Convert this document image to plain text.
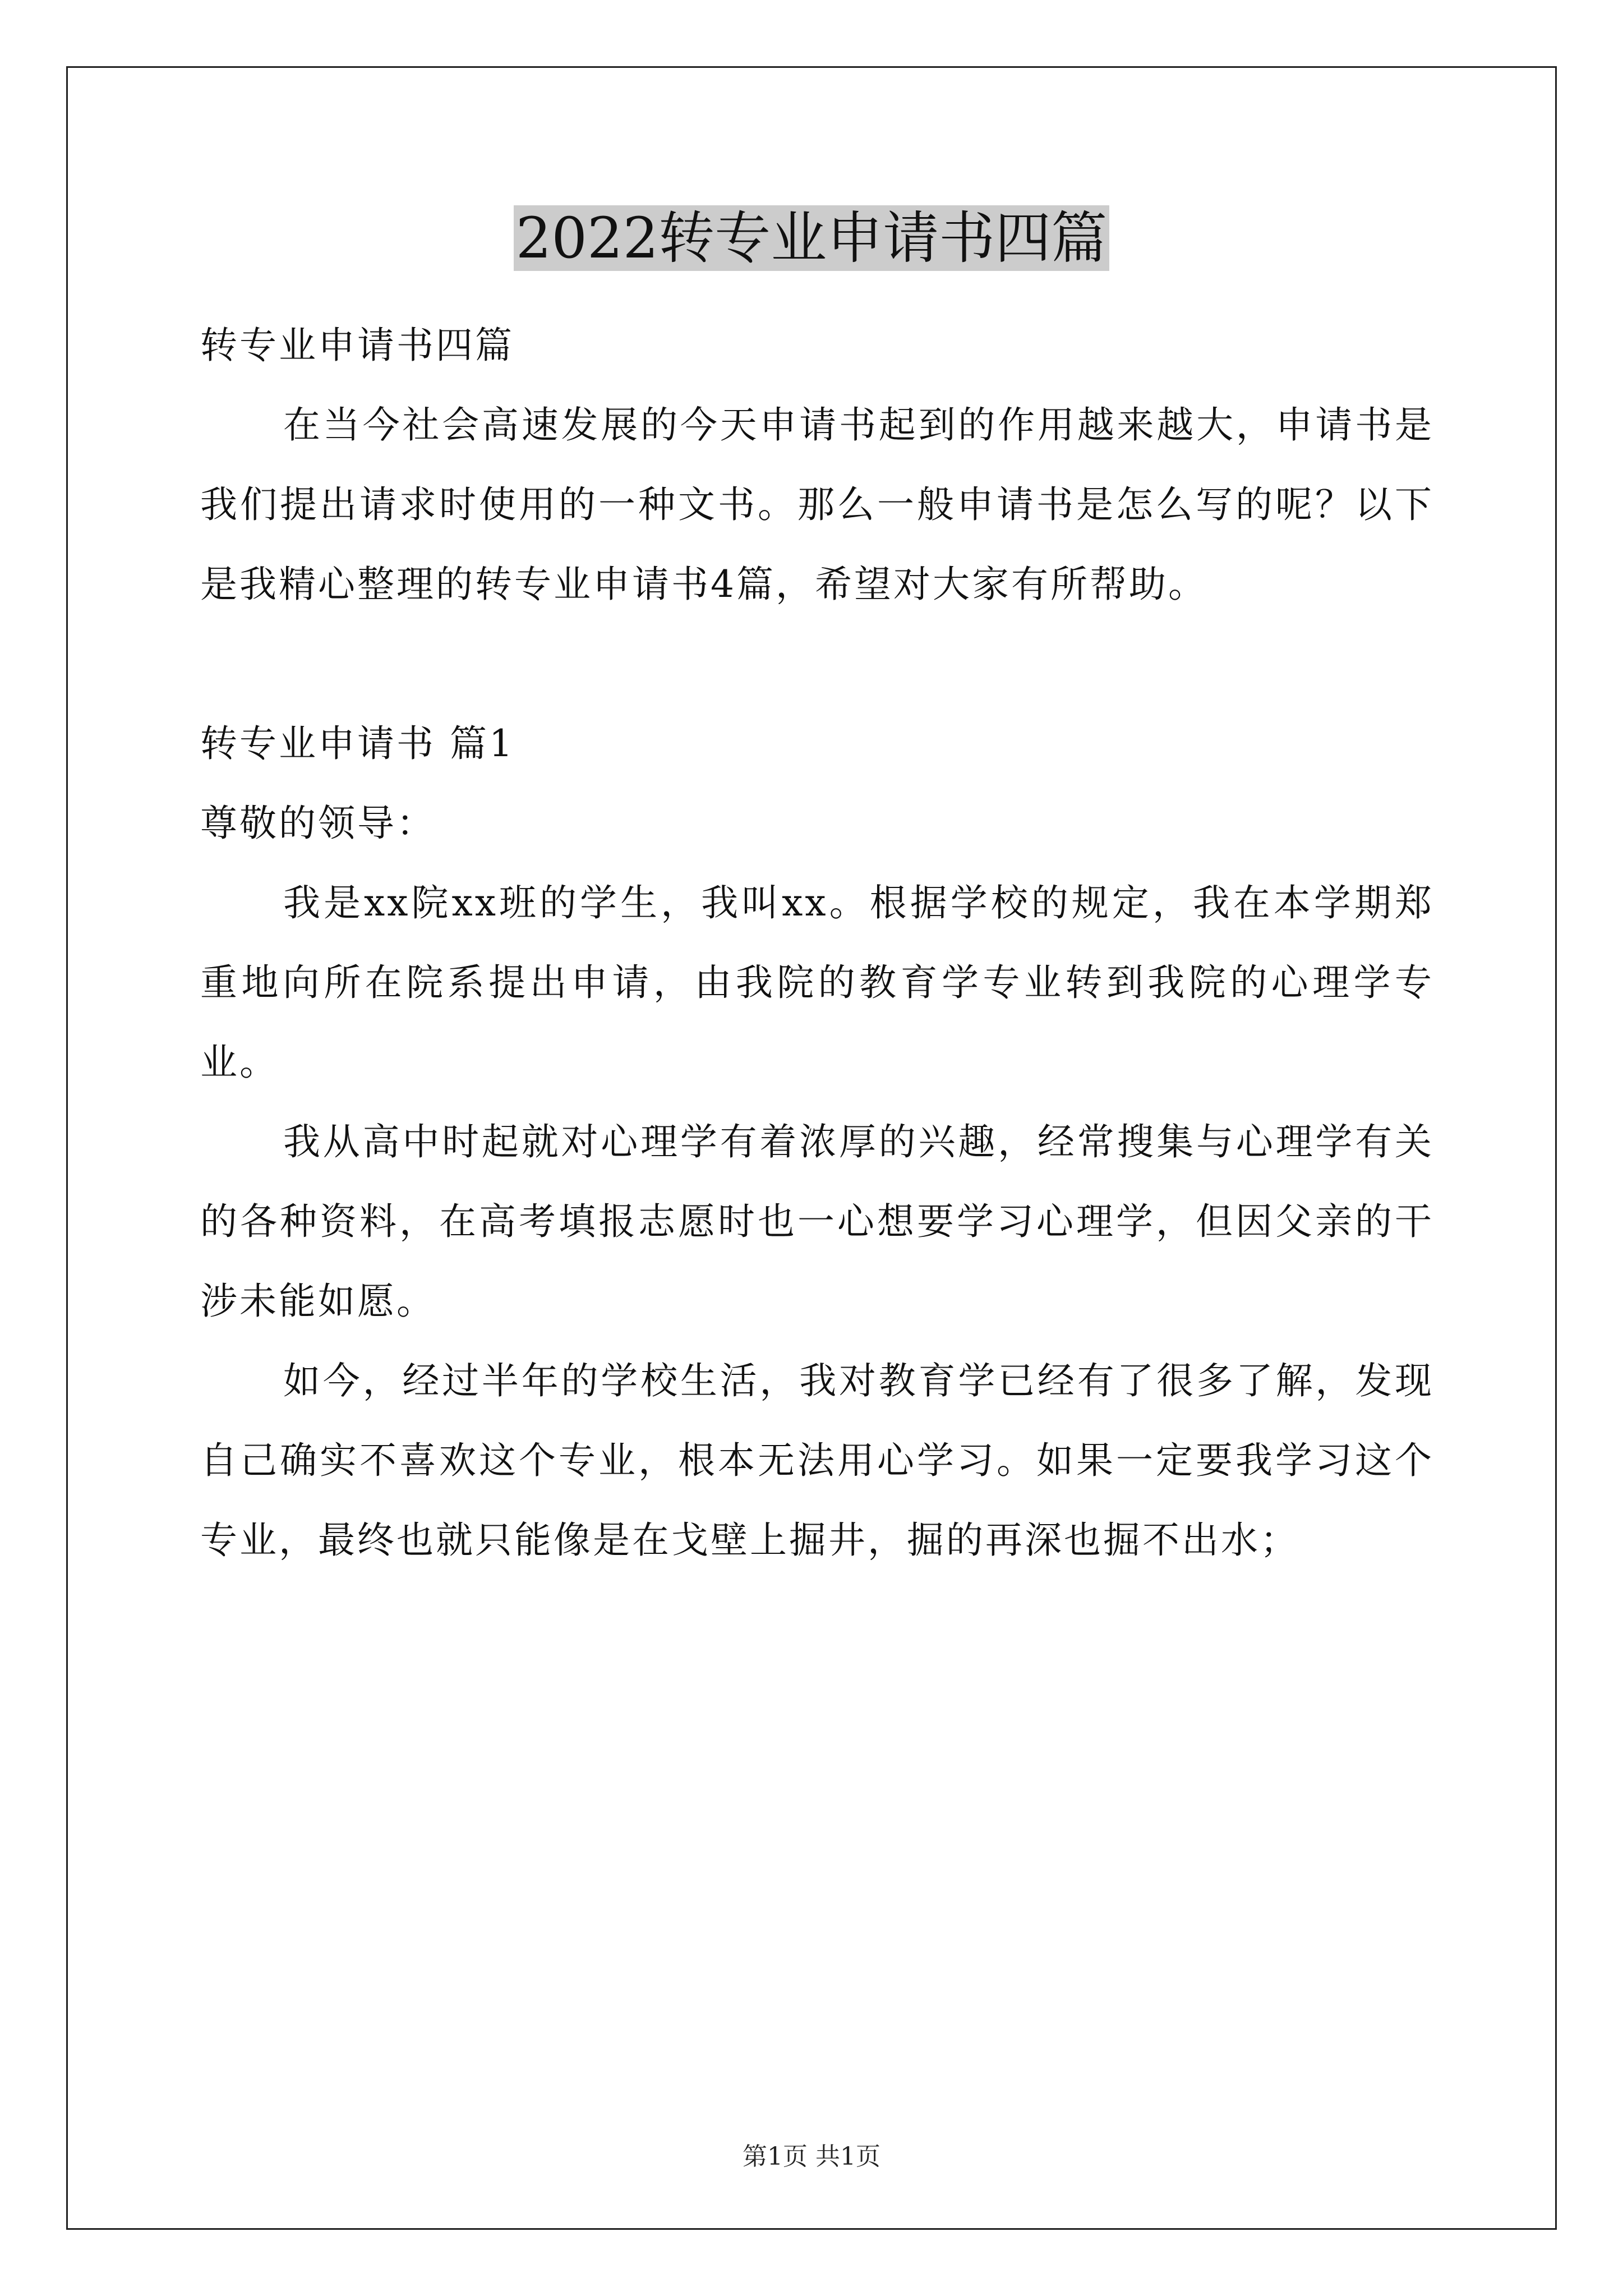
2022转专业申请书四篇

转专业申请书四篇

在当今社会高速发展的今天申请书起到的作用越来越大，申请书是我们提出请求时使用的一种文书。那么一般申请书是怎么写的呢？以下是我精心整理的转专业申请书4篇，希望对大家有所帮助。

转专业申请书 篇1

尊敬的领导：

我是xx院xx班的学生，我叫xx。根据学校的规定，我在本学期郑重地向所在院系提出申请，由我院的教育学专业转到我院的心理学专业。

我从高中时起就对心理学有着浓厚的兴趣，经常搜集与心理学有关的各种资料，在高考填报志愿时也一心想要学习心理学，但因父亲的干涉未能如愿。

如今，经过半年的学校生活，我对教育学已经有了很多了解，发现自己确实不喜欢这个专业，根本无法用心学习。如果一定要我学习这个专业，最终也就只能像是在戈壁上掘井，掘的再深也掘不出水；

第1页 共1页
